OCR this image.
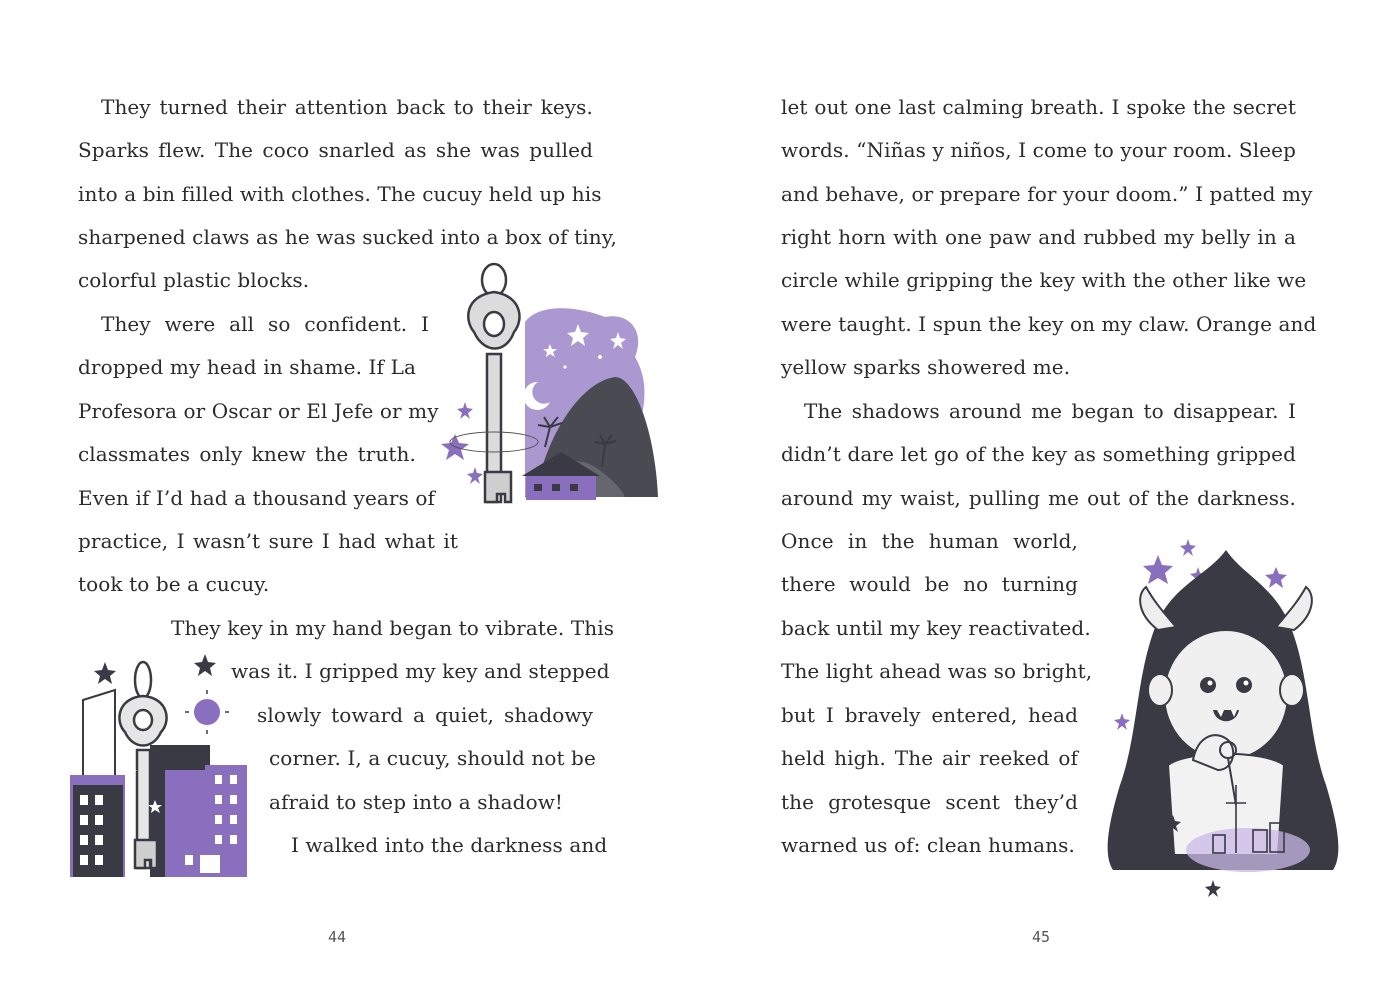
They turned their attention back to their keys.
Sparks flew. The coco snarled as she was pulled
into a bin filled with clothes. The cucuy held up his
sharpened claws as he was sucked into a box of tiny,
colorful plastic blocks.
They were all so confident. I
dropped my head in shame. If La
Profesora or Oscar or El Jefe or my
classmates only knew the truth.
Even if I’d had a thousand years of
practice, I wasn’t sure I had what it
took to be a cucuy.
They key in my hand began to vibrate. This
was it. I gripped my key and stepped
slowly toward a quiet, shadowy
corner. I, a cucuy, should not be
afraid to step into a shadow!
I walked into the darkness and
44
let out one last calming breath. I spoke the secret
words. “Niñas y niños, I come to your room. Sleep
and behave, or prepare for your doom.” I patted my
right horn with one paw and rubbed my belly in a
circle while gripping the key with the other like we
were taught. I spun the key on my claw. Orange and
yellow sparks showered me.
The shadows around me began to disappear. I
didn’t dare let go of the key as something gripped
around my waist, pulling me out of the darkness.
Once in the human world,
there would be no turning
back until my key reactivated.
The light ahead was so bright,
but I bravely entered, head
held high. The air reeked of
the grotesque scent they’d
warned us of: clean humans.
45
